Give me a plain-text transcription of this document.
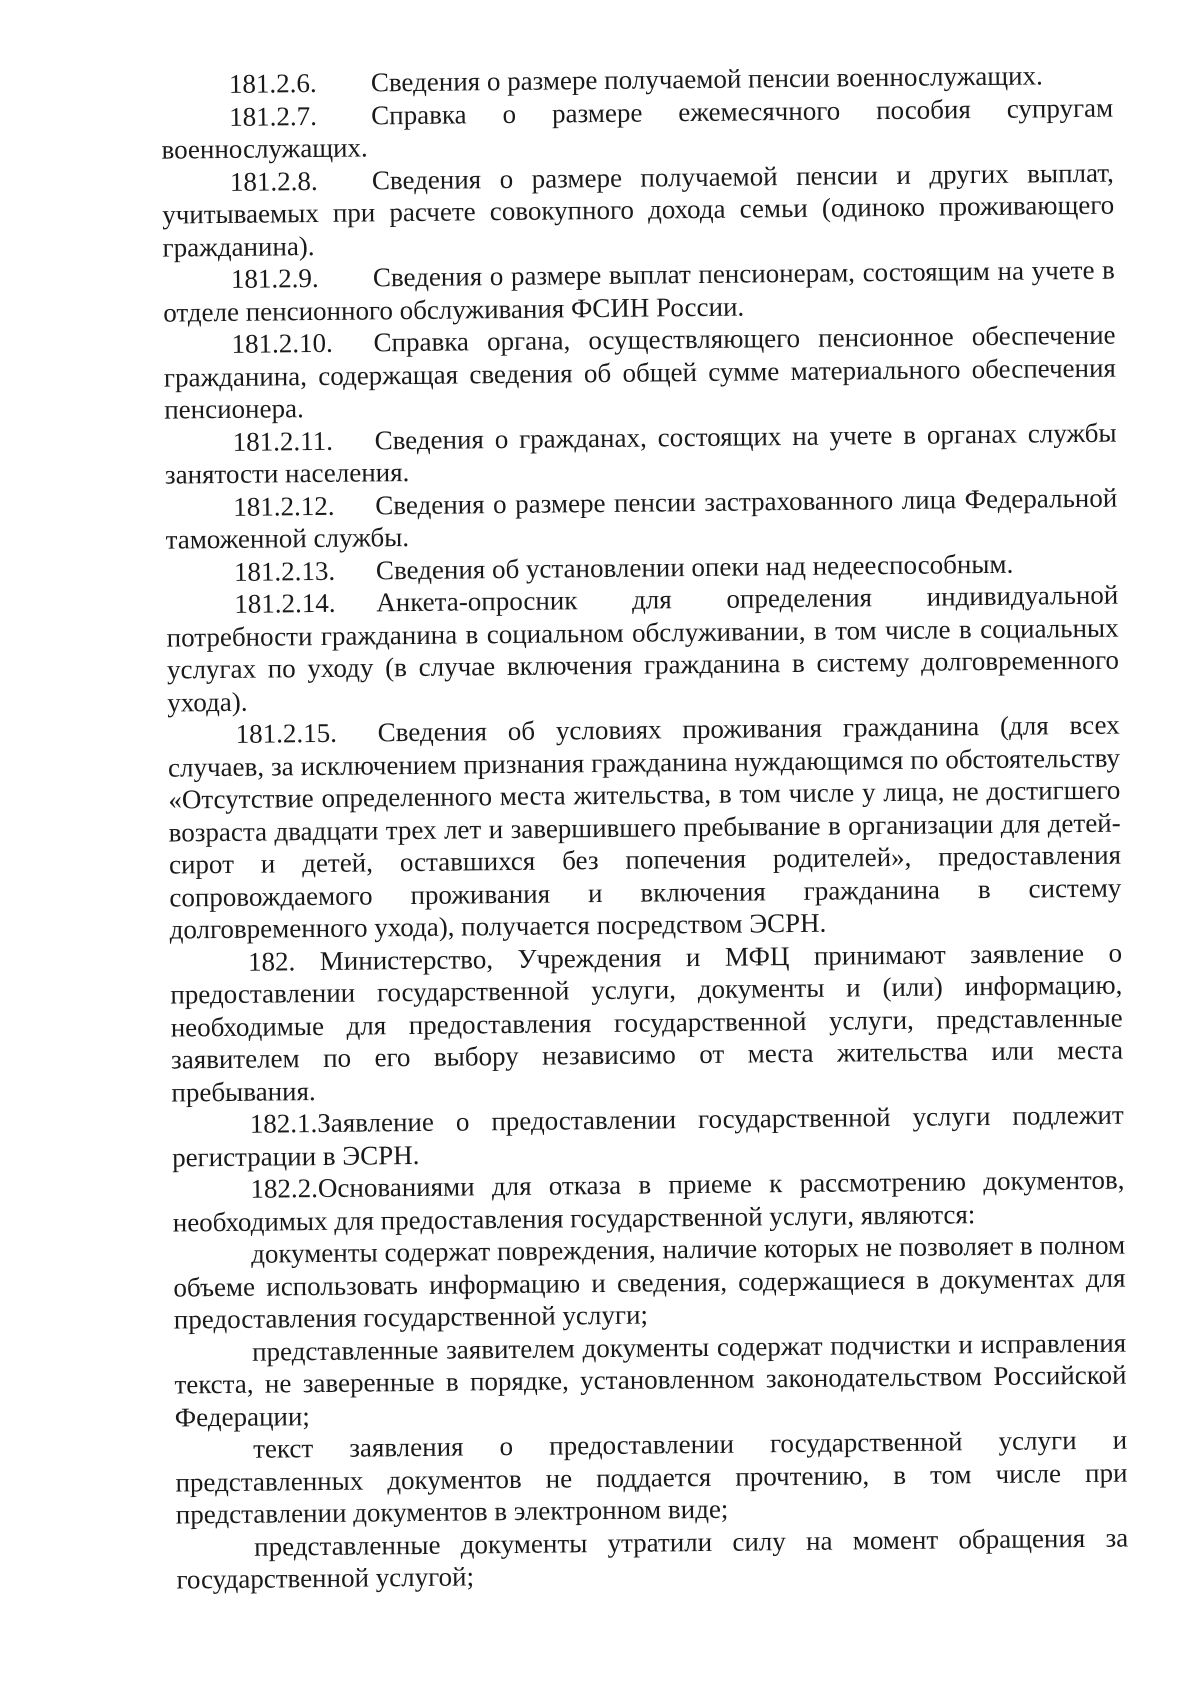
181.2.6. Сведения о размере получаемой пенсии военнослужащих.

181.2.7. Справка о размере ежемесячного пособия супругам военнослужащих.

181.2.8. Сведения о размере получаемой пенсии и других выплат, учитываемых при расчете совокупного дохода семьи (одиноко проживающего гражданина).

181.2.9. Сведения о размере выплат пенсионерам, состоящим на учете в отделе пенсионного обслуживания ФСИН России.

181.2.10. Справка органа, осуществляющего пенсионное обеспечение гражданина, содержащая сведения об общей сумме материального обеспечения пенсионера.

181.2.11. Сведения о гражданах, состоящих на учете в органах службы занятости населения.

181.2.12. Сведения о размере пенсии застрахованного лица Федеральной таможенной службы.

181.2.13. Сведения об установлении опеки над недееспособным.

181.2.14. Анкета-опросник для определения индивидуальной потребности гражданина в социальном обслуживании, в том числе в социальных услугах по уходу (в случае включения гражданина в систему долговременного ухода).

181.2.15. Сведения об условиях проживания гражданина (для всех случаев, за исключением признания гражданина нуждающимся по обстоятельству «Отсутствие определенного места жительства, в том числе у лица, не достигшего возраста двадцати трех лет и завершившего пребывание в организации для детей-сирот и детей, оставшихся без попечения родителей», предоставления сопровождаемого проживания и включения гражданина в систему долговременного ухода), получается посредством ЭСРН.

182. Министерство, Учреждения и МФЦ принимают заявление о предоставлении государственной услуги, документы и (или) информацию, необходимые для предоставления государственной услуги, представленные заявителем по его выбору независимо от места жительства или места пребывания.

182.1.Заявление о предоставлении государственной услуги подлежит регистрации в ЭСРН.

182.2.Основаниями для отказа в приеме к рассмотрению документов, необходимых для предоставления государственной услуги, являются:

документы содержат повреждения, наличие которых не позволяет в полном объеме использовать информацию и сведения, содержащиеся в документах для предоставления государственной услуги;

представленные заявителем документы содержат подчистки и исправления текста, не заверенные в порядке, установленном законодательством Российской Федерации;

текст заявления о предоставлении государственной услуги и представленных документов не поддается прочтению, в том числе при представлении документов в электронном виде;

представленные документы утратили силу на момент обращения за государственной услугой;
